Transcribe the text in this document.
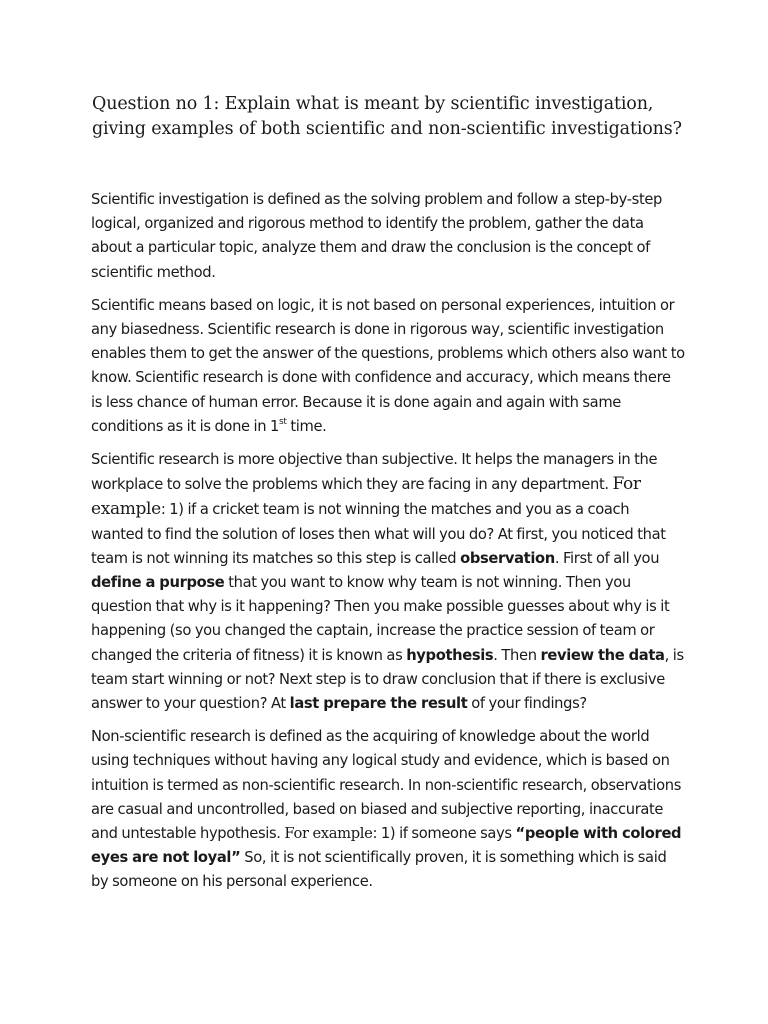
Question no 1: Explain what is meant by scientific investigation, giving examples of both scientific and non-scientific investigations?

Scientific investigation is defined as the solving problem and follow a step-by-step logical, organized and rigorous method to identify the problem, gather the data about a particular topic, analyze them and draw the conclusion is the concept of scientific method.

Scientific means based on logic, it is not based on personal experiences, intuition or any biasedness. Scientific research is done in rigorous way, scientific investigation enables them to get the answer of the questions, problems which others also want to know. Scientific research is done with confidence and accuracy, which means there is less chance of human error. Because it is done again and again with same conditions as it is done in 1st time.

Scientific research is more objective than subjective. It helps the managers in the workplace to solve the problems which they are facing in any department. For example: 1) if a cricket team is not winning the matches and you as a coach wanted to find the solution of loses then what will you do? At first, you noticed that team is not winning its matches so this step is called observation. First of all you define a purpose that you want to know why team is not winning. Then you question that why is it happening? Then you make possible guesses about why is it happening (so you changed the captain, increase the practice session of team or changed the criteria of fitness) it is known as hypothesis. Then review the data, is team start winning or not? Next step is to draw conclusion that if there is exclusive answer to your question? At last prepare the result of your findings?

Non-scientific research is defined as the acquiring of knowledge about the world using techniques without having any logical study and evidence, which is based on intuition is termed as non-scientific research. In non-scientific research, observations are casual and uncontrolled, based on biased and subjective reporting, inaccurate and untestable hypothesis. For example: 1) if someone says “people with colored eyes are not loyal” So, it is not scientifically proven, it is something which is said by someone on his personal experience.
